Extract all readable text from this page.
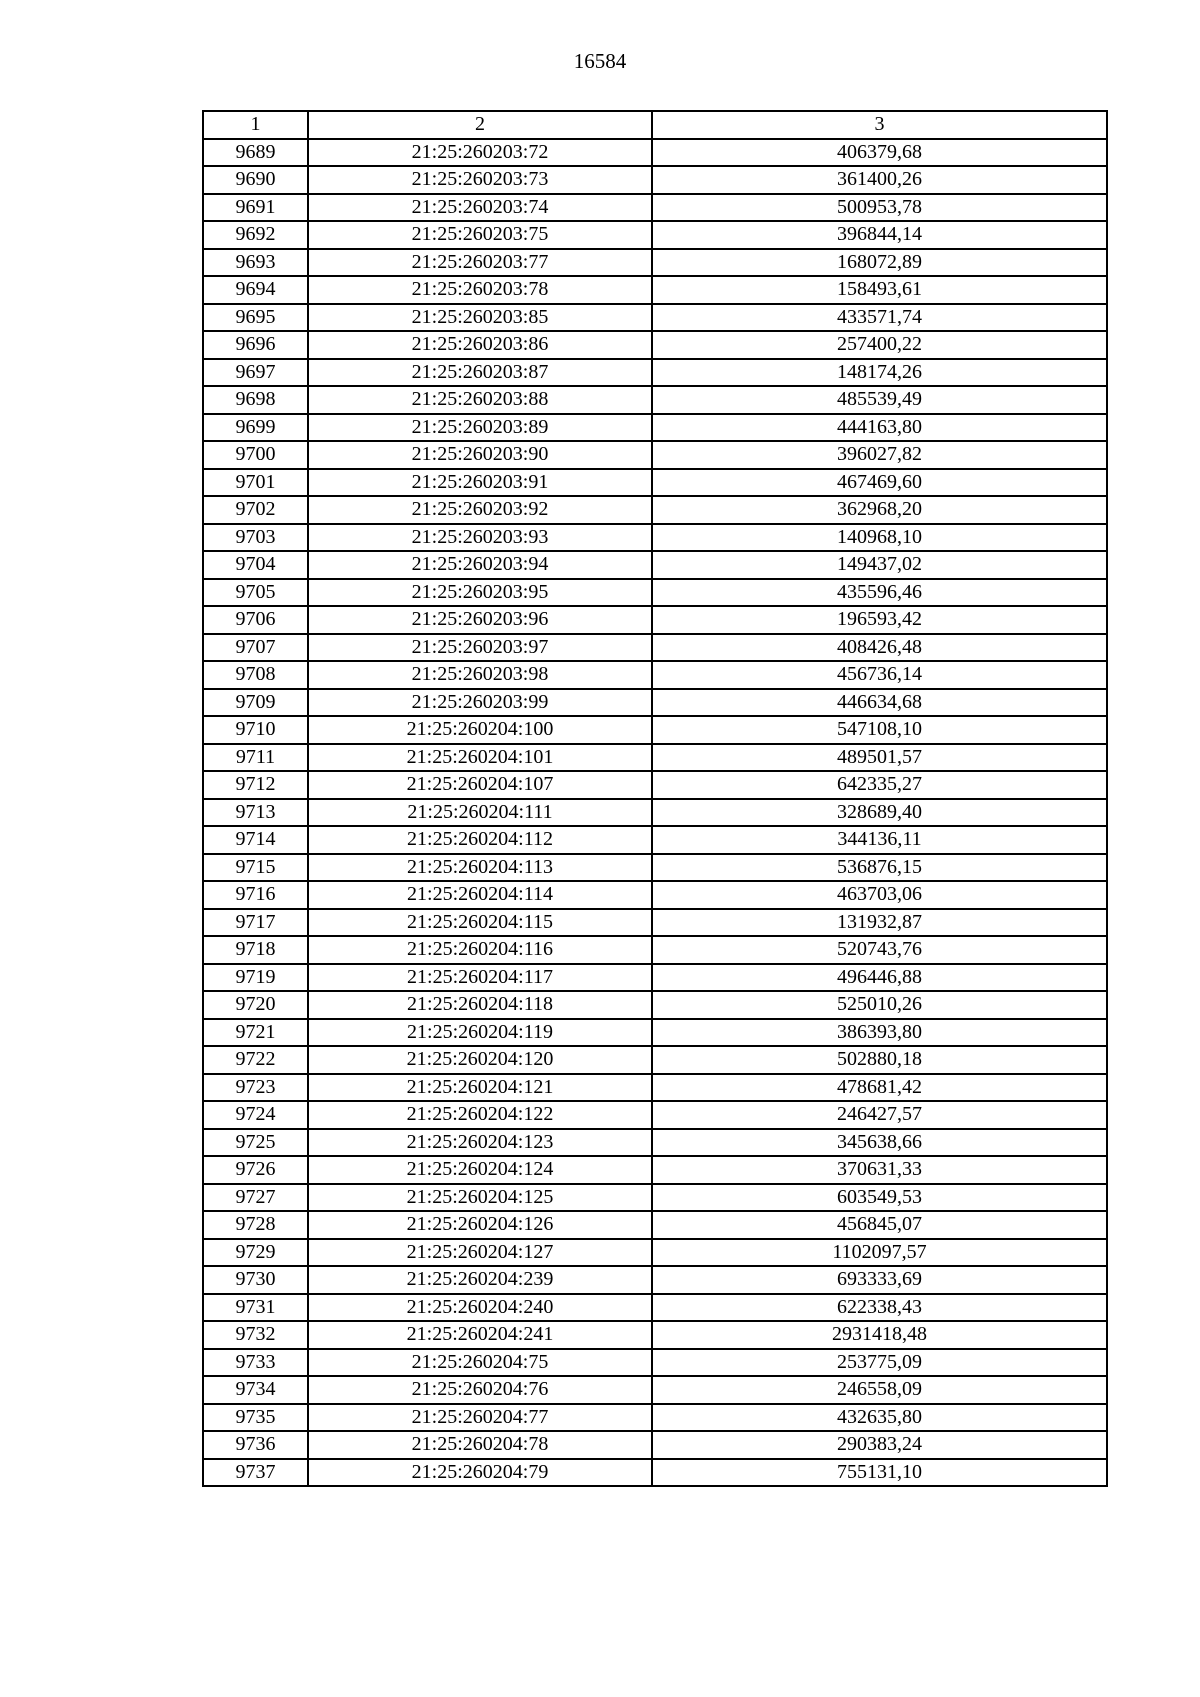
16584
1	2	3
9689	21:25:260203:72	406379,68
9690	21:25:260203:73	361400,26
9691	21:25:260203:74	500953,78
9692	21:25:260203:75	396844,14
9693	21:25:260203:77	168072,89
9694	21:25:260203:78	158493,61
9695	21:25:260203:85	433571,74
9696	21:25:260203:86	257400,22
9697	21:25:260203:87	148174,26
9698	21:25:260203:88	485539,49
9699	21:25:260203:89	444163,80
9700	21:25:260203:90	396027,82
9701	21:25:260203:91	467469,60
9702	21:25:260203:92	362968,20
9703	21:25:260203:93	140968,10
9704	21:25:260203:94	149437,02
9705	21:25:260203:95	435596,46
9706	21:25:260203:96	196593,42
9707	21:25:260203:97	408426,48
9708	21:25:260203:98	456736,14
9709	21:25:260203:99	446634,68
9710	21:25:260204:100	547108,10
9711	21:25:260204:101	489501,57
9712	21:25:260204:107	642335,27
9713	21:25:260204:111	328689,40
9714	21:25:260204:112	344136,11
9715	21:25:260204:113	536876,15
9716	21:25:260204:114	463703,06
9717	21:25:260204:115	131932,87
9718	21:25:260204:116	520743,76
9719	21:25:260204:117	496446,88
9720	21:25:260204:118	525010,26
9721	21:25:260204:119	386393,80
9722	21:25:260204:120	502880,18
9723	21:25:260204:121	478681,42
9724	21:25:260204:122	246427,57
9725	21:25:260204:123	345638,66
9726	21:25:260204:124	370631,33
9727	21:25:260204:125	603549,53
9728	21:25:260204:126	456845,07
9729	21:25:260204:127	1102097,57
9730	21:25:260204:239	693333,69
9731	21:25:260204:240	622338,43
9732	21:25:260204:241	2931418,48
9733	21:25:260204:75	253775,09
9734	21:25:260204:76	246558,09
9735	21:25:260204:77	432635,80
9736	21:25:260204:78	290383,24
9737	21:25:260204:79	755131,10
